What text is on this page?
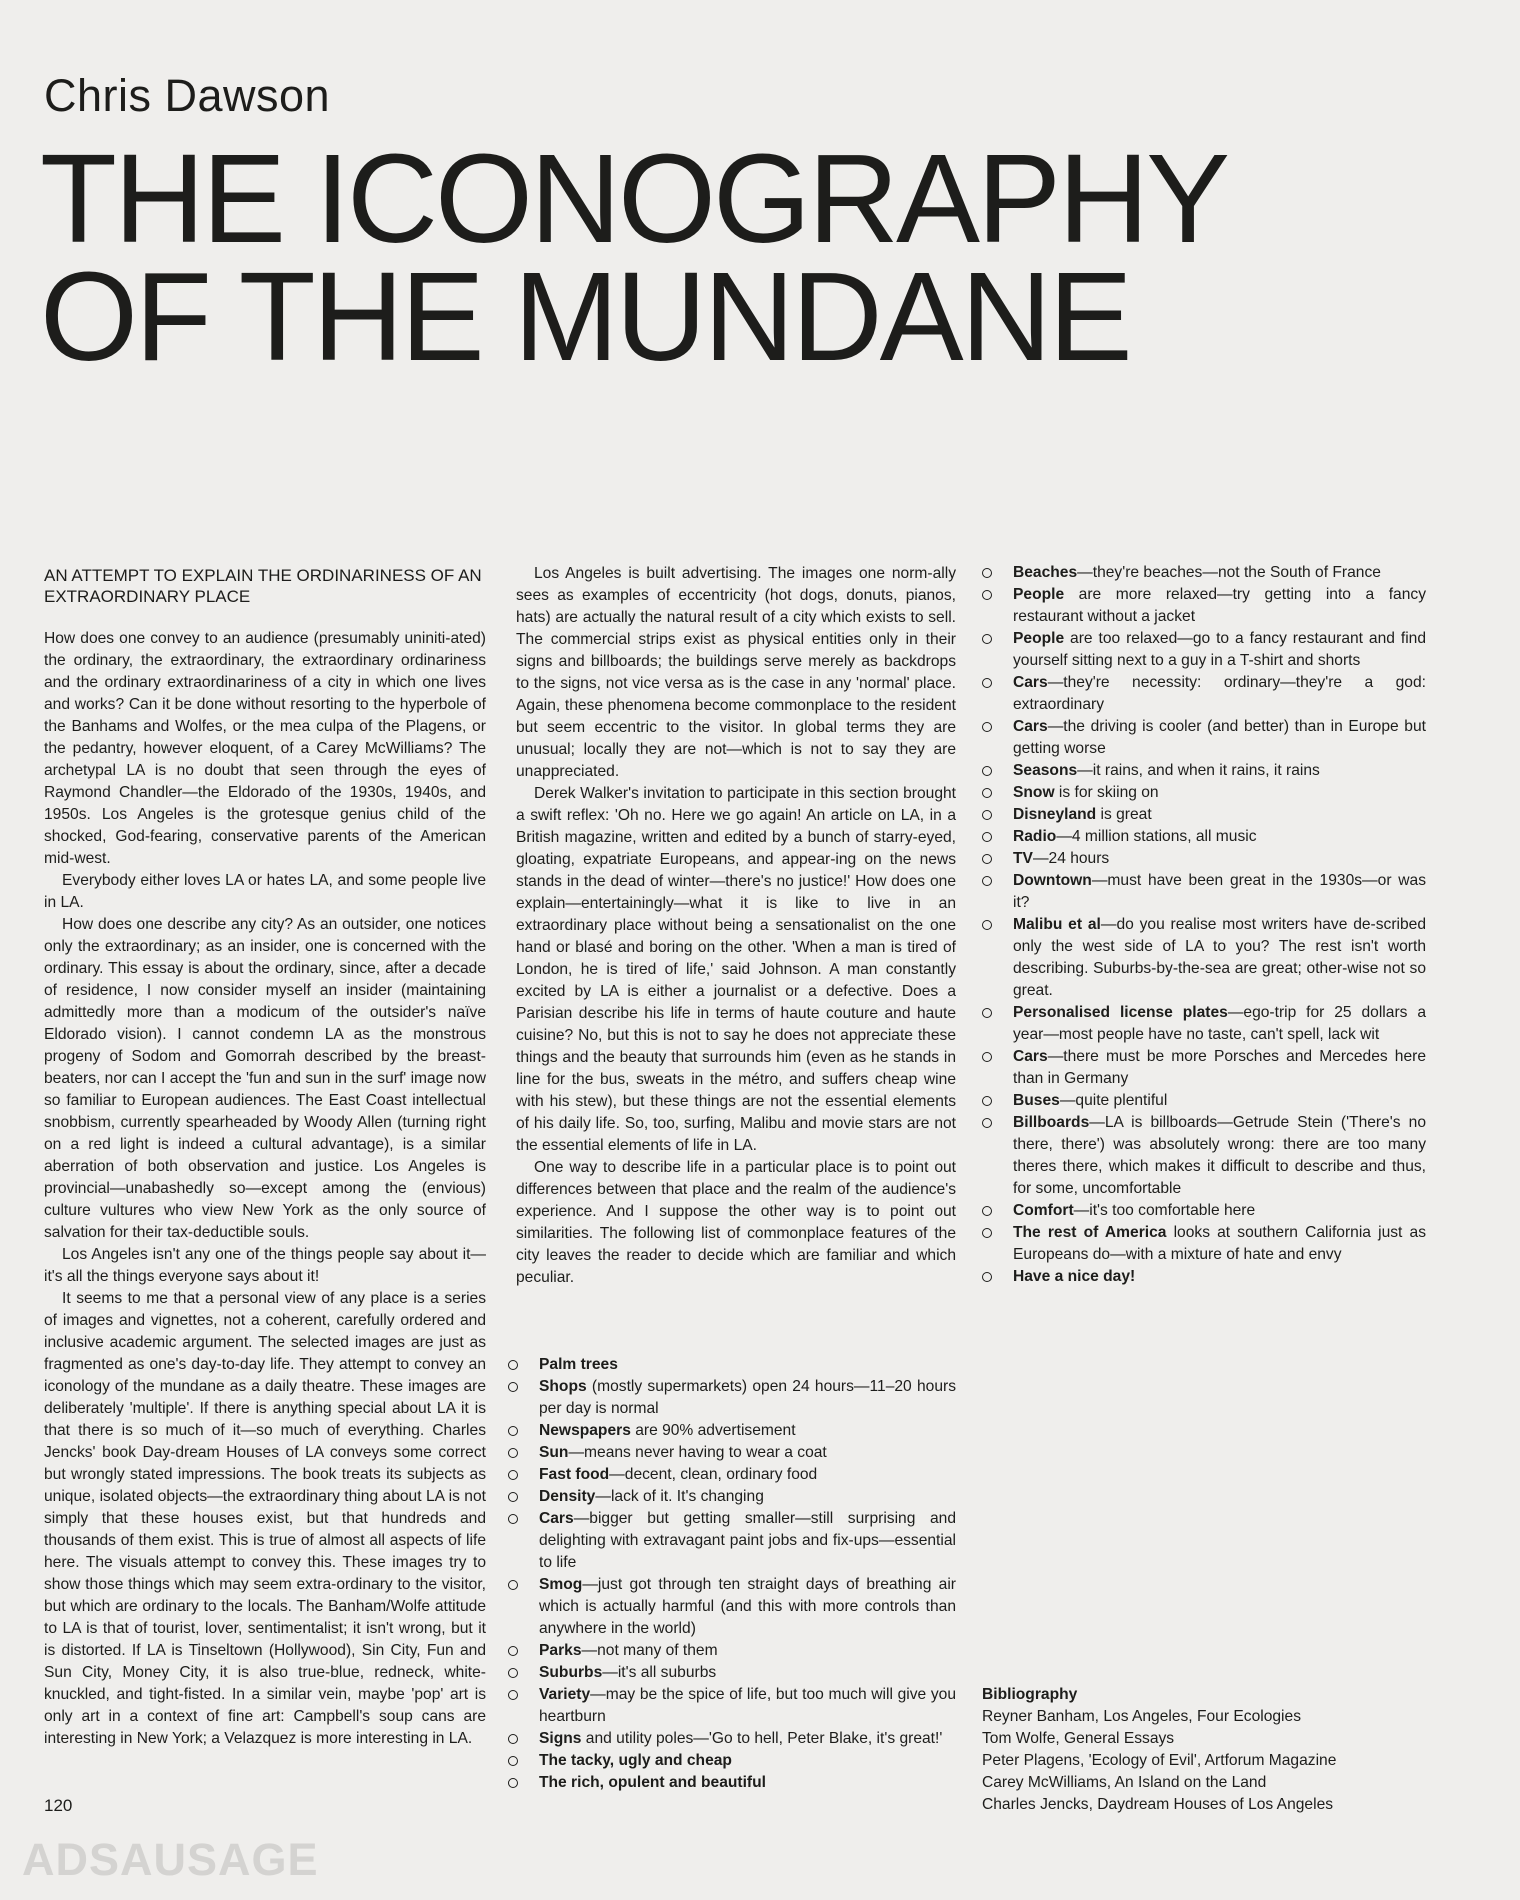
Chris Dawson
THE ICONOGRAPHY
OF THE MUNDANE
AN ATTEMPT TO EXPLAIN THE ORDINARINESS OF AN EXTRAORDINARY PLACE

How does one convey to an audience (presumably uniniti-ated) the ordinary, the extraordinary, the extraordinary ordinariness and the ordinary extraordinariness of a city in which one lives and works? Can it be done without resorting to the hyperbole of the Banhams and Wolfes, or the mea culpa of the Plagens, or the pedantry, however eloquent, of a Carey McWilliams? The archetypal LA is no doubt that seen through the eyes of Raymond Chandler—the Eldorado of the 1930s, 1940s, and 1950s. Los Angeles is the grotesque genius child of the shocked, God-fearing, conservative parents of the American mid-west.

Everybody either loves LA or hates LA, and some people live in LA.

How does one describe any city? As an outsider, one notices only the extraordinary; as an insider, one is concerned with the ordinary. This essay is about the ordinary, since, after a decade of residence, I now consider myself an insider (maintaining admittedly more than a modicum of the outsider's naïve Eldorado vision). I cannot condemn LA as the monstrous progeny of Sodom and Gomorrah described by the breast-beaters, nor can I accept the 'fun and sun in the surf' image now so familiar to European audiences. The East Coast intellectual snobbism, currently spearheaded by Woody Allen (turning right on a red light is indeed a cultural advantage), is a similar aberration of both observation and justice. Los Angeles is provincial—unabashedly so—except among the (envious) culture vultures who view New York as the only source of salvation for their tax-deductible souls.

Los Angeles isn't any one of the things people say about it—it's all the things everyone says about it!

It seems to me that a personal view of any place is a series of images and vignettes, not a coherent, carefully ordered and inclusive academic argument. The selected images are just as fragmented as one's day-to-day life. They attempt to convey an iconology of the mundane as a daily theatre. These images are deliberately 'multiple'. If there is anything special about LA it is that there is so much of it—so much of everything. Charles Jencks' book Day-dream Houses of LA conveys some correct but wrongly stated impressions. The book treats its subjects as unique, isolated objects—the extraordinary thing about LA is not simply that these houses exist, but that hundreds and thousands of them exist. This is true of almost all aspects of life here. The visuals attempt to convey this. These images try to show those things which may seem extra-ordinary to the visitor, but which are ordinary to the locals. The Banham/Wolfe attitude to LA is that of tourist, lover, sentimentalist; it isn't wrong, but it is distorted. If LA is Tinseltown (Hollywood), Sin City, Fun and Sun City, Money City, it is also true-blue, redneck, white-knuckled, and tight-fisted. In a similar vein, maybe 'pop' art is only art in a context of fine art: Campbell's soup cans are interesting in New York; a Velazquez is more interesting in LA.

Los Angeles is built advertising. The images one norm-ally sees as examples of eccentricity (hot dogs, donuts, pianos, hats) are actually the natural result of a city which exists to sell. The commercial strips exist as physical entities only in their signs and billboards; the buildings serve merely as backdrops to the signs, not vice versa as is the case in any 'normal' place. Again, these phenomena become commonplace to the resident but seem eccentric to the visitor. In global terms they are unusual; locally they are not—which is not to say they are unappreciated.

Derek Walker's invitation to participate in this section brought a swift reflex: 'Oh no. Here we go again! An article on LA, in a British magazine, written and edited by a bunch of starry-eyed, gloating, expatriate Europeans, and appear-ing on the news stands in the dead of winter—there's no justice!' How does one explain—entertainingly—what it is like to live in an extraordinary place without being a sensationalist on the one hand or blasé and boring on the other. 'When a man is tired of London, he is tired of life,' said Johnson. A man constantly excited by LA is either a journalist or a defective. Does a Parisian describe his life in terms of haute couture and haute cuisine? No, but this is not to say he does not appreciate these things and the beauty that surrounds him (even as he stands in line for the bus, sweats in the métro, and suffers cheap wine with his stew), but these things are not the essential elements of his daily life. So, too, surfing, Malibu and movie stars are not the essential elements of life in LA.

One way to describe life in a particular place is to point out differences between that place and the realm of the audience's experience. And I suppose the other way is to point out similarities. The following list of commonplace features of the city leaves the reader to decide which are familiar and which peculiar.

Palm trees
Shops (mostly supermarkets) open 24 hours—11–20 hours per day is normal
Newspapers are 90% advertisement
Sun—means never having to wear a coat
Fast food—decent, clean, ordinary food
Density—lack of it. It's changing
Cars—bigger but getting smaller—still surprising and delighting with extravagant paint jobs and fix-ups—essential to life
Smog—just got through ten straight days of breathing air which is actually harmful (and this with more controls than anywhere in the world)
Parks—not many of them
Suburbs—it's all suburbs
Variety—may be the spice of life, but too much will give you heartburn
Signs and utility poles—'Go to hell, Peter Blake, it's great!'
The tacky, ugly and cheap
The rich, opulent and beautiful
Beaches—they're beaches—not the South of France
People are more relaxed—try getting into a fancy restaurant without a jacket
People are too relaxed—go to a fancy restaurant and find yourself sitting next to a guy in a T-shirt and shorts
Cars—they're necessity: ordinary—they're a god: extraordinary
Cars—the driving is cooler (and better) than in Europe but getting worse
Seasons—it rains, and when it rains, it rains
Snow is for skiing on
Disneyland is great
Radio—4 million stations, all music
TV—24 hours
Downtown—must have been great in the 1930s—or was it?
Malibu et al—do you realise most writers have de-scribed only the west side of LA to you? The rest isn't worth describing. Suburbs-by-the-sea are great; other-wise not so great.
Personalised license plates—ego-trip for 25 dollars a year—most people have no taste, can't spell, lack wit
Cars—there must be more Porsches and Mercedes here than in Germany
Buses—quite plentiful
Billboards—LA is billboards—Getrude Stein ('There's no there, there') was absolutely wrong: there are too many theres there, which makes it difficult to describe and thus, for some, uncomfortable
Comfort—it's too comfortable here
The rest of America looks at southern California just as Europeans do—with a mixture of hate and envy
Have a nice day!
Bibliography
Reyner Banham, Los Angeles, Four Ecologies
Tom Wolfe, General Essays
Peter Plagens, 'Ecology of Evil', Artforum Magazine
Carey McWilliams, An Island on the Land
Charles Jencks, Daydream Houses of Los Angeles
120
ADSAUSAGE
